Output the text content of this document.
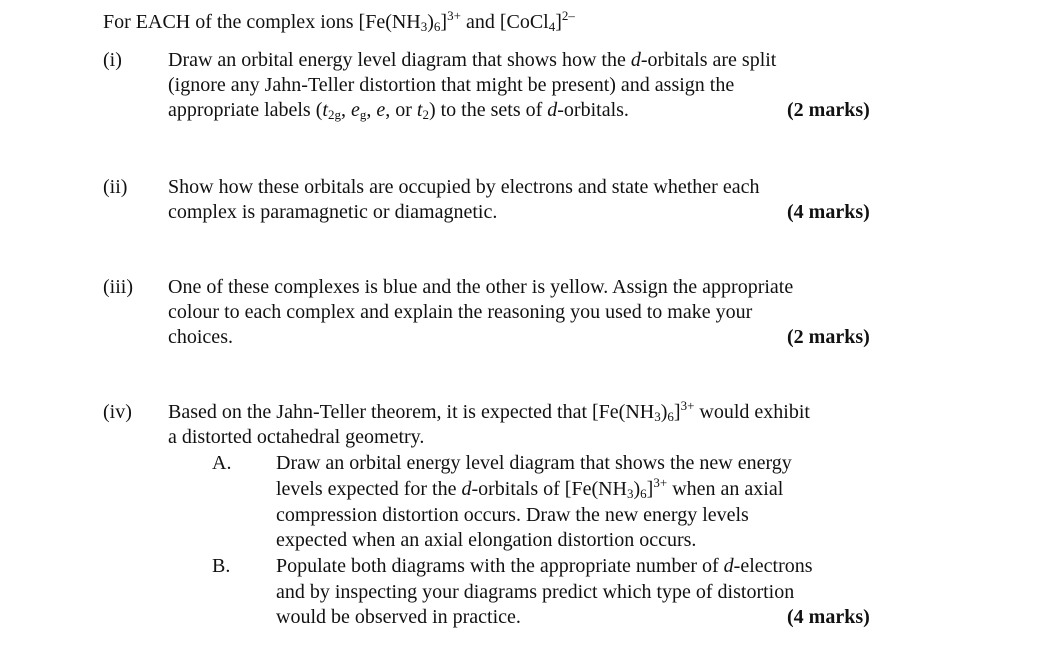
For EACH of the complex ions $[Fe(NH_3)_6]^{3+}$ and [CoCl$_4$]$^{2-}$
(i) Draw an orbital energy level diagram that shows how the d-orbitals are split
(ignore any Jahn-Teller distortion that might be present) and assign the
appropriate labels ($t_{2g}$, $e_g$, e, or $t_2$) to the sets of d-orbitals.	(2 marks)
(ii) Show how these orbitals are occupied by electrons and state whether each
complex is paramagnetic or diamagnetic.	(4 marks)
(iii) One of these complexes is blue and the other is yellow. Assign the appropriate
colour to each complex and explain the reasoning you used to make your
choices.	(2 marks)
(iv) Based on the Jahn-Teller theorem, it is expected that $[Fe(NH_3)_6]^{3+}$ would exhibit
a distorted octahedral geometry.
A. Draw an orbital energy level diagram that shows the new energy
levels expected for the d-orbitals of $[Fe(NH_3)_6]^{3+}$ when an axial
compression distortion occurs. Draw the new energy levels
expected when an axial elongation distortion occurs.
B. Populate both diagrams with the appropriate number of d-electrons
and by inspecting your diagrams predict which type of distortion
would be observed in practice.	(4 marks)
